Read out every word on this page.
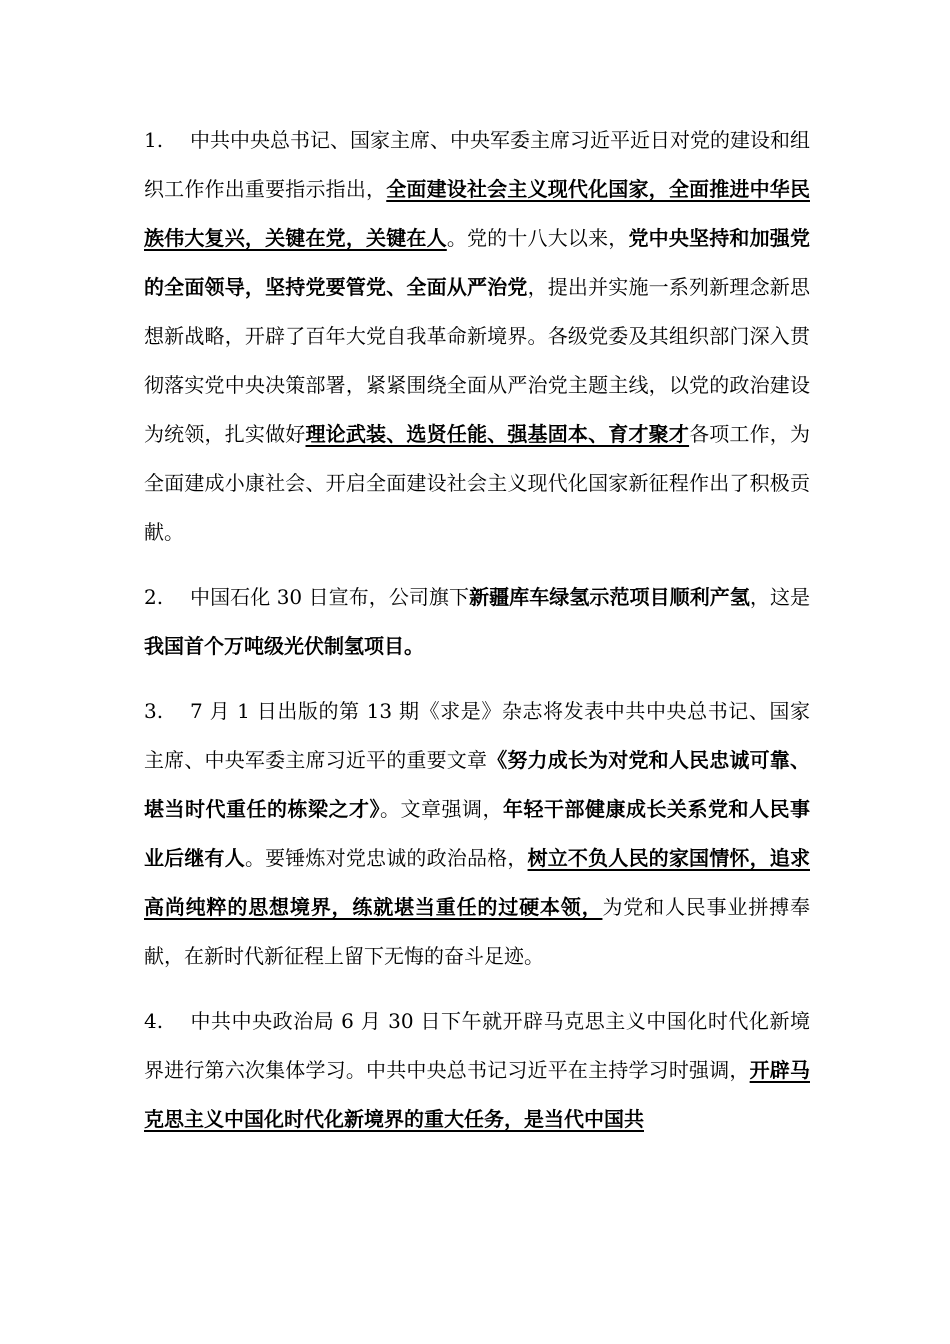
1. 中共中央总书记、国家主席、中央军委主席习近平近日对党的建设和组织工作作出重要指示指出，全面建设社会主义现代化国家，全面推进中华民族伟大复兴，关键在党，关键在人。党的十八大以来，党中央坚持和加强党的全面领导，坚持党要管党、全面从严治党，提出并实施一系列新理念新思想新战略，开辟了百年大党自我革命新境界。各级党委及其组织部门深入贯彻落实党中央决策部署，紧紧围绕全面从严治党主题主线，以党的政治建设为统领，扎实做好理论武装、选贤任能、强基固本、育才聚才各项工作，为全面建成小康社会、开启全面建设社会主义现代化国家新征程作出了积极贡献。

2. 中国石化 30 日宣布，公司旗下新疆库车绿氢示范项目顺利产氢，这是我国首个万吨级光伏制氢项目。

3. 7 月 1 日出版的第 13 期《求是》杂志将发表中共中央总书记、国家主席、中央军委主席习近平的重要文章《努力成长为对党和人民忠诚可靠、堪当时代重任的栋梁之才》。文章强调，年轻干部健康成长关系党和人民事业后继有人。要锤炼对党忠诚的政治品格，树立不负人民的家国情怀，追求高尚纯粹的思想境界，练就堪当重任的过硬本领，为党和人民事业拼搏奉献，在新时代新征程上留下无悔的奋斗足迹。

4. 中共中央政治局 6 月 30 日下午就开辟马克思主义中国化时代化新境界进行第六次集体学习。中共中央总书记习近平在主持学习时强调，开辟马克思主义中国化时代化新境界的重大任务，是当代中国共
